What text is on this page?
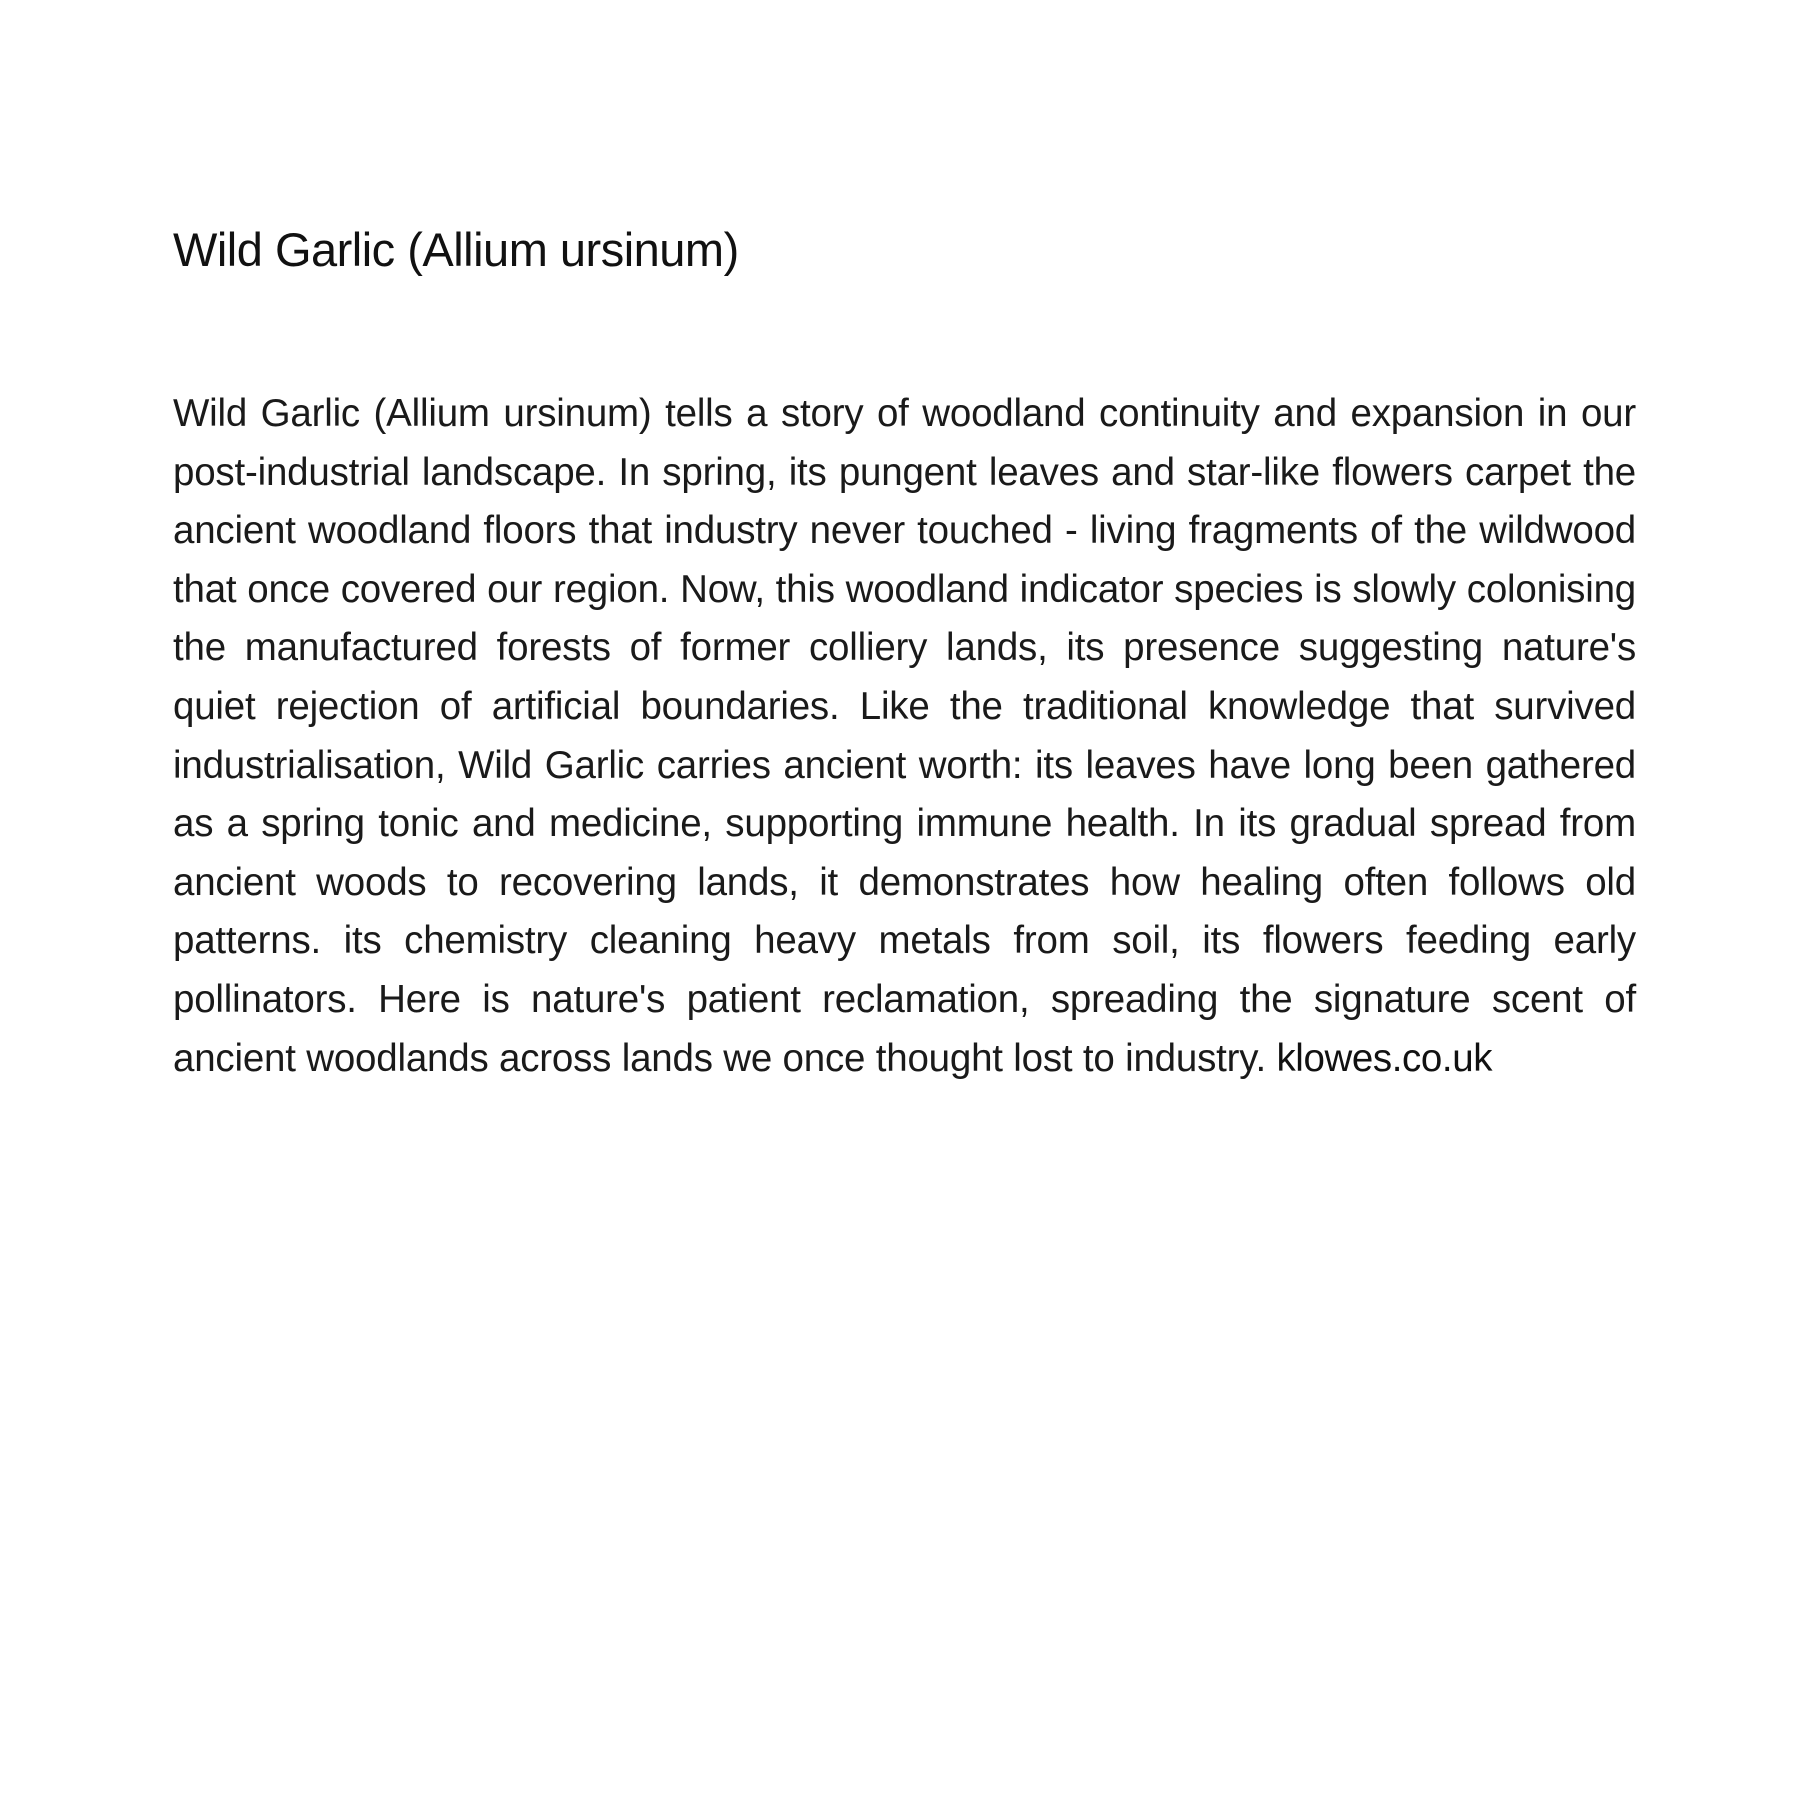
Wild Garlic (Allium ursinum)

Wild Garlic (Allium ursinum) tells a story of woodland continuity and expansion in our post-industrial landscape. In spring, its pungent leaves and star-like flowers carpet the ancient woodland floors that industry never touched - living fragments of the wildwood that once covered our region. Now, this woodland indicator species is slowly colonising the manufactured forests of former colliery lands, its presence suggesting nature's quiet rejection of artificial boundaries. Like the traditional knowledge that survived industrialisation, Wild Garlic carries ancient worth: its leaves have long been gathered as a spring tonic and medicine, supporting immune health. In its gradual spread from ancient woods to recovering lands, it demonstrates how healing often follows old patterns. its chemistry cleaning heavy metals from soil, its flowers feeding early pollinators. Here is nature's patient reclamation, spreading the signature scent of ancient woodlands across lands we once thought lost to industry. klowes.co.uk
